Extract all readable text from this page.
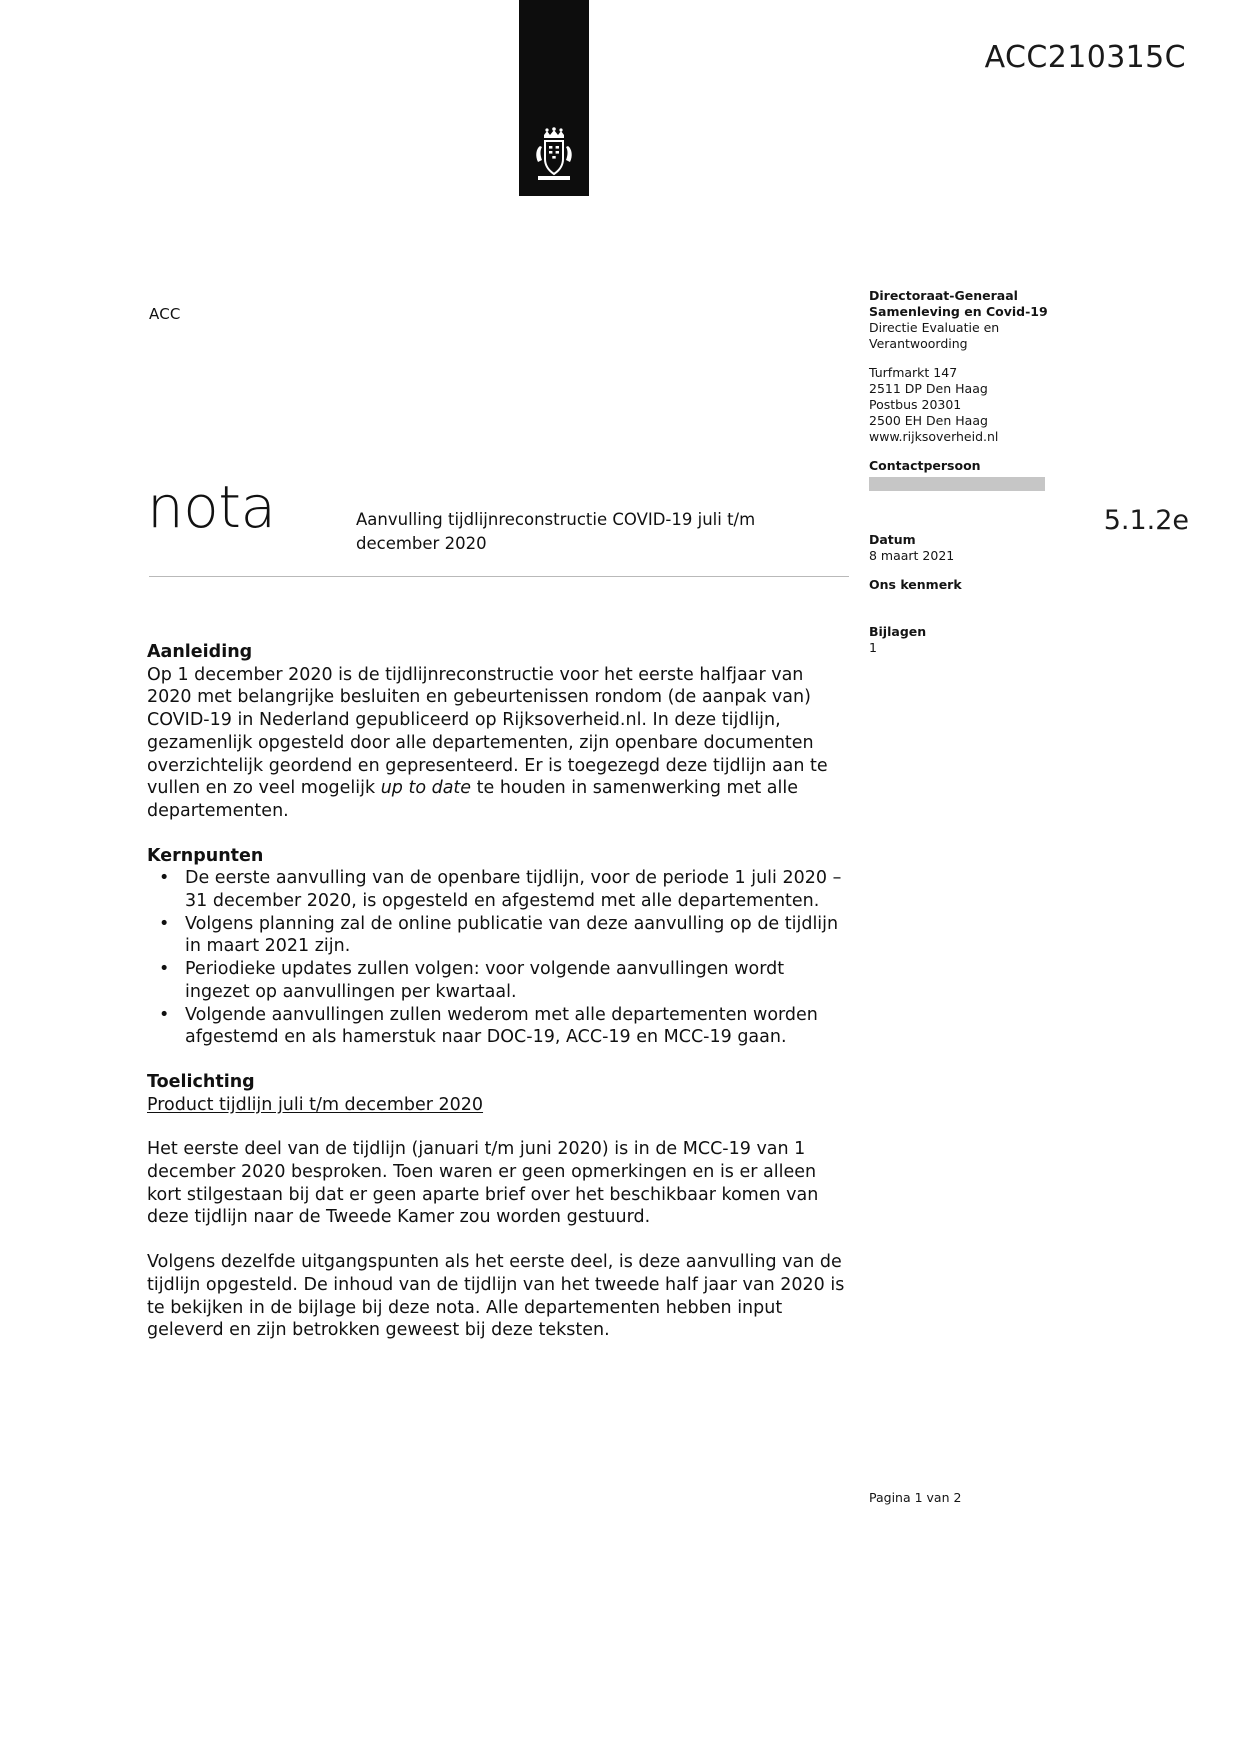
ACC210315C
ACC
Directoraat-Generaal
Samenleving en Covid-19
Directie Evaluatie en
Verantwoording
Turfmarkt 147
2511 DP Den Haag
Postbus 20301
2500 EH Den Haag
www.rijksoverheid.nl
Contactpersoon
Datum
8 maart 2021
Ons kenmerk
Bijlagen
1
5.1.2e
nota	Aanvulling tijdlijnreconstructie COVID-19 juli t/m december 2020
Aanleiding

Op 1 december 2020 is de tijdlijnreconstructie voor het eerste halfjaar van 2020 met belangrijke besluiten en gebeurtenissen rondom (de aanpak van) COVID-19 in Nederland gepubliceerd op Rijksoverheid.nl. In deze tijdlijn, gezamenlijk opgesteld door alle departementen, zijn openbare documenten overzichtelijk geordend en gepresenteerd. Er is toegezegd deze tijdlijn aan te vullen en zo veel mogelijk up to date te houden in samenwerking met alle departementen.

Kernpunten
• De eerste aanvulling van de openbare tijdlijn, voor de periode 1 juli 2020 – 31 december 2020, is opgesteld en afgestemd met alle departementen.
• Volgens planning zal de online publicatie van deze aanvulling op de tijdlijn in maart 2021 zijn.
• Periodieke updates zullen volgen: voor volgende aanvullingen wordt ingezet op aanvullingen per kwartaal.
• Volgende aanvullingen zullen wederom met alle departementen worden afgestemd en als hamerstuk naar DOC-19, ACC-19 en MCC-19 gaan.
Toelichting

Product tijdlijn juli t/m december 2020

Het eerste deel van de tijdlijn (januari t/m juni 2020) is in de MCC-19 van 1 december 2020 besproken. Toen waren er geen opmerkingen en is er alleen kort stilgestaan bij dat er geen aparte brief over het beschikbaar komen van deze tijdlijn naar de Tweede Kamer zou worden gestuurd.

Volgens dezelfde uitgangspunten als het eerste deel, is deze aanvulling van de tijdlijn opgesteld. De inhoud van de tijdlijn van het tweede half jaar van 2020 is te bekijken in de bijlage bij deze nota. Alle departementen hebben input geleverd en zijn betrokken geweest bij deze teksten.

Pagina 1 van 2
